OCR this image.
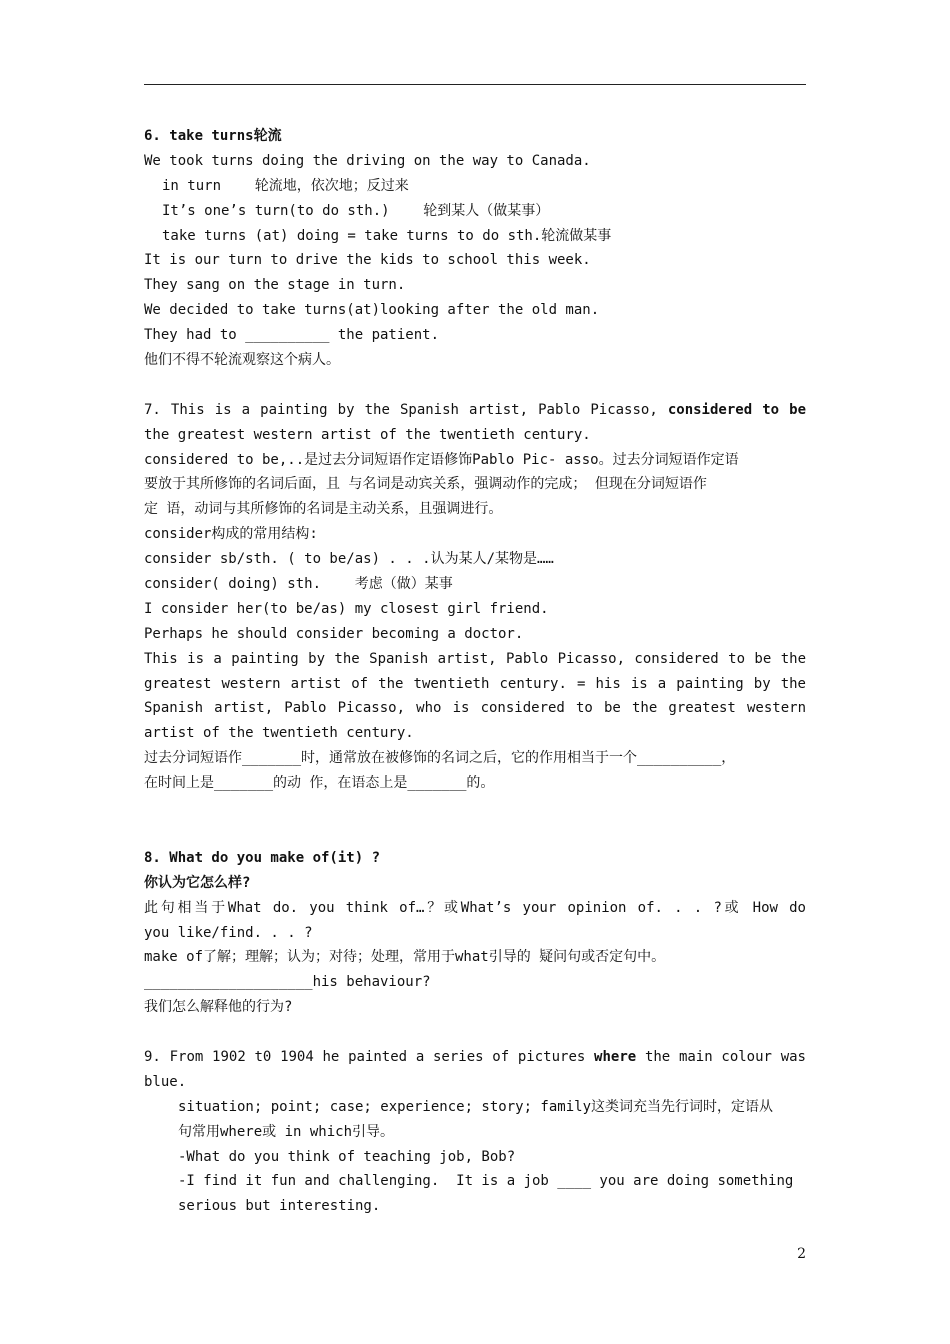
6. take turns轮流
We took turns doing the driving on the way to Canada.
in turn    轮流地，依次地；反过来
It’s one’s turn(to do sth.)    轮到某人（做某事）
take turns (at) doing = take turns to do sth.轮流做某事
It is our turn to drive the kids to school this week.
They sang on the stage in turn.
We decided to take turns(at)looking after the old man.
They had to __________ the patient.
他们不得不轮流观察这个病人。
7. This is a painting by the Spanish artist, Pablo Picasso, considered to be
the greatest western artist of the twentieth century.
considered to be,..是过去分词短语作定语修饰Pablo Pic- asso。过去分词短语作定语
要放于其所修饰的名词后面，且 与名词是动宾关系，强调动作的完成； 但现在分词短语作
定 语，动词与其所修饰的名词是主动关系，且强调进行。
consider构成的常用结构:
consider sb/sth. ( to be/as) . . .认为某人/某物是……
consider( doing) sth.    考虑（做）某事
I consider her(to be/as) my closest girl friend.
Perhaps he should consider becoming a doctor.
This is a painting by the Spanish artist, Pablo Picasso, considered to be the
greatest western artist of the twentieth century. = his is a painting by the
Spanish artist, Pablo Picasso, who is considered to be the greatest western
artist of the twentieth century.
过去分词短语作_______时，通常放在被修饰的名词之后，它的作用相当于一个__________，
在时间上是_______的动 作，在语态上是_______的。
8. What do you make of(it) ?
你认为它怎么样?
此句相当于What do. you think of…？或What’s your opinion of. . . ?或 How do
you like/find. . . ?
make of了解；理解；认为；对待；处理，常用于what引导的 疑问句或否定句中。
____________________his behaviour?
我们怎么解释他的行为?
9. From 1902 t0 1904 he painted a series of pictures where the main colour was
blue.
situation; point; case; experience; story; family这类词充当先行词时，定语从
句常用where或 in which引导。
-What do you think of teaching job, Bob?
-I find it fun and challenging.  It is a job ____ you are doing something
serious but interesting.
2
